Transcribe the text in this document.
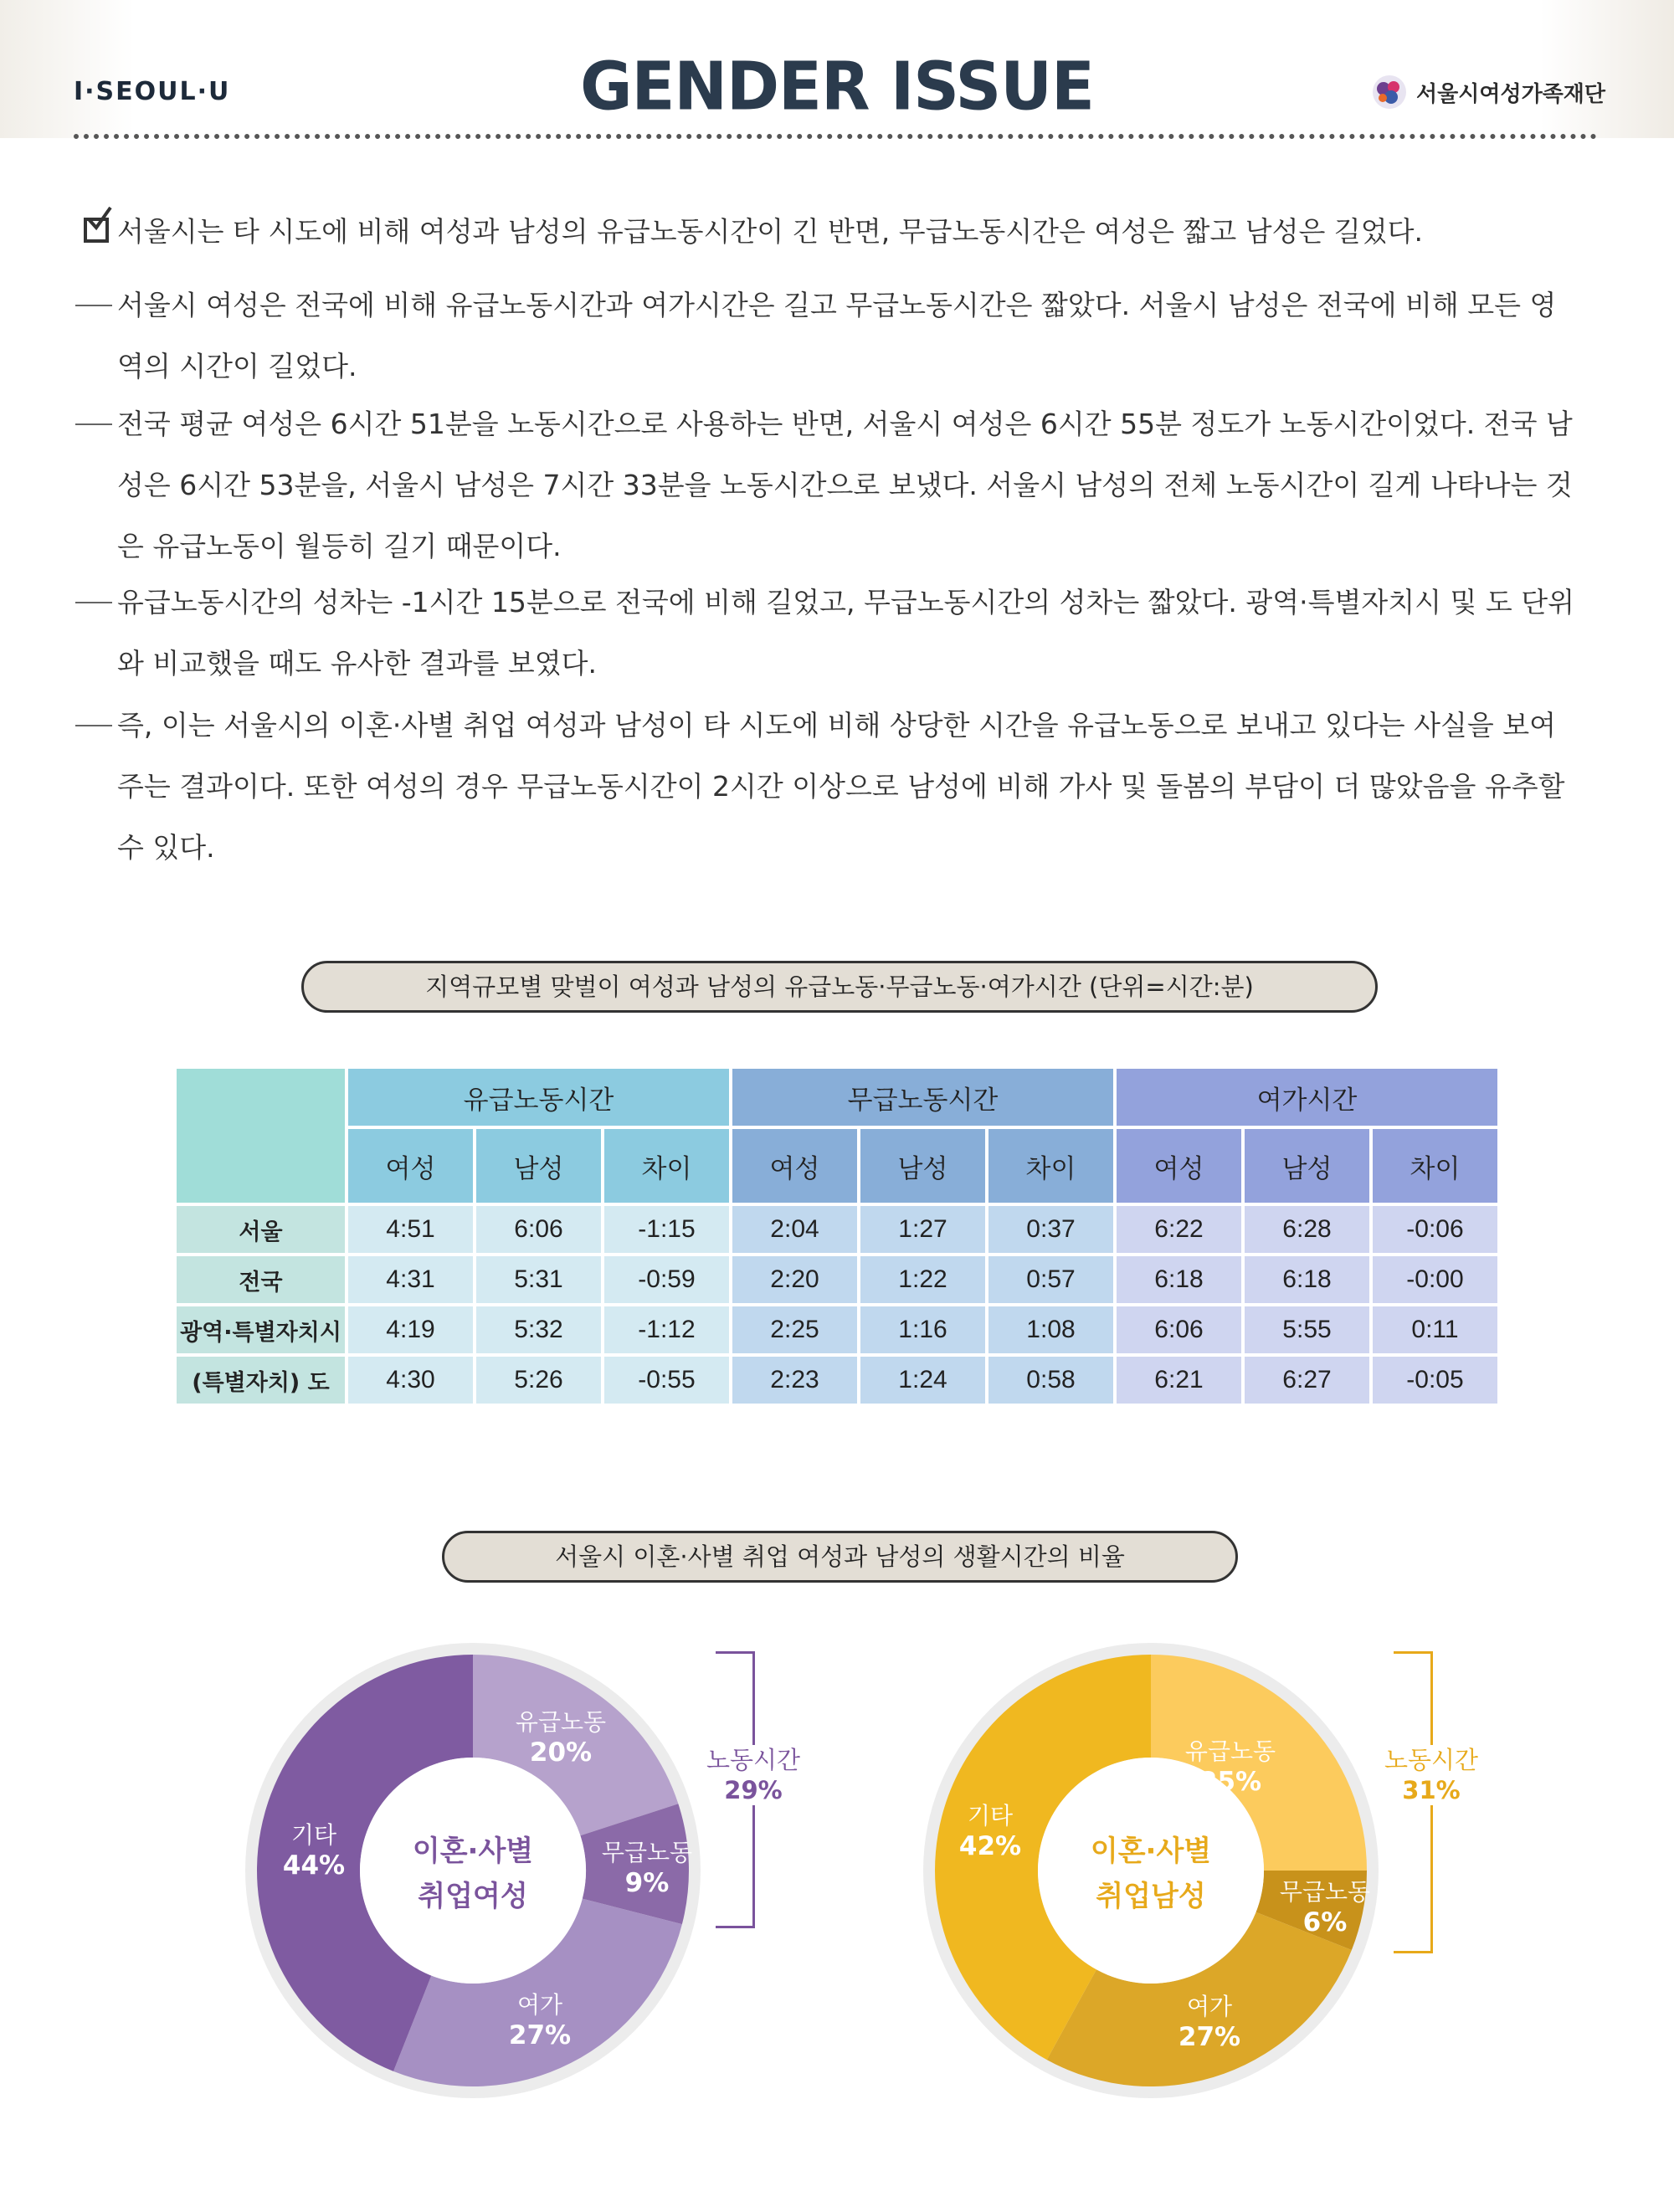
I·SEOUL·U	GENDER ISSUE	서울시여성가족재단
서울시는 타 시도에 비해 여성과 남성의 유급노동시간이 긴 반면, 무급노동시간은 여성은 짧고 남성은 길었다.
서울시 여성은 전국에 비해 유급노동시간과 여가시간은 길고 무급노동시간은 짧았다. 서울시 남성은 전국에 비해 모든 영역의 시간이 길었다.
전국 평균 여성은 6시간 51분을 노동시간으로 사용하는 반면, 서울시 여성은 6시간 55분 정도가 노동시간이었다. 전국 남성은 6시간 53분을, 서울시 남성은 7시간 33분을 노동시간으로 보냈다. 서울시 남성의 전체 노동시간이 길게 나타나는 것은 유급노동이 월등히 길기 때문이다.
유급노동시간의 성차는 -1시간 15분으로 전국에 비해 길었고, 무급노동시간의 성차는 짧았다. 광역·특별자치시 및 도 단위와 비교했을 때도 유사한 결과를 보였다.
즉, 이는 서울시의 이혼·사별 취업 여성과 남성이 타 시도에 비해 상당한 시간을 유급노동으로 보내고 있다는 사실을 보여주는 결과이다. 또한 여성의 경우 무급노동시간이 2시간 이상으로 남성에 비해 가사 및 돌봄의 부담이 더 많았음을 유추할 수 있다.
지역규모별 맞벌이 여성과 남성의 유급노동·무급노동·여가시간 (단위=시간:분)
	유급노동시간			무급노동시간			여가시간		
	여성	남성	차이	여성	남성	차이	여성	남성	차이
서울	4:51	6:06	-1:15	2:04	1:27	0:37	6:22	6:28	-0:06
전국	4:31	5:31	-0:59	2:20	1:22	0:57	6:18	6:18	-0:00
광역·특별자치시	4:19	5:32	-1:12	2:25	1:16	1:08	6:06	5:55	0:11
(특별자치) 도	4:30	5:26	-0:55	2:23	1:24	0:58	6:21	6:27	-0:05
서울시 이혼·사별 취업 여성과 남성의 생활시간의 비율
이혼·사별
취업여성
유급노동
20%
무급노동
9%
여가
27%
기타
44%
노동시간
29%
이혼·사별
취업남성
유급노동
25%
무급노동
6%
여가
27%
기타
42%
노동시간
31%
